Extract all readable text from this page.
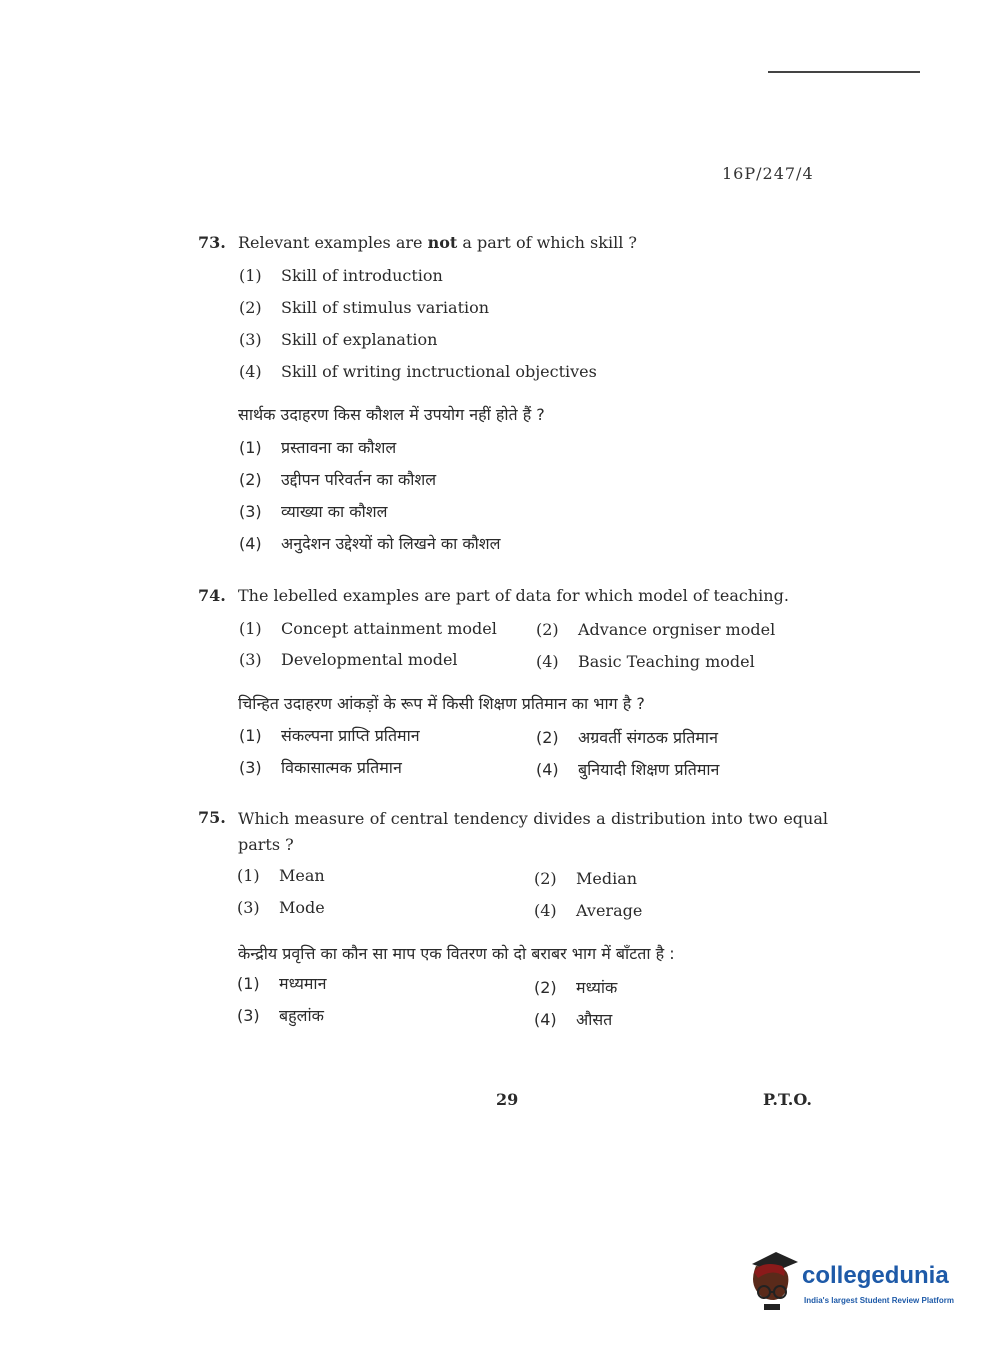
16P/247/4
73. Relevant examples are not a part of which skill ?
(1) Skill of introduction
(2) Skill of stimulus variation
(3) Skill of explanation
(4) Skill of writing inctructional objectives
सार्थक उदाहरण किस कौशल में उपयोग नहीं होते हैं ?
(1) प्रस्तावना का कौशल
(2) उद्दीपन परिवर्तन का कौशल
(3) व्याख्या का कौशल
(4) अनुदेशन उद्देश्यों को लिखने का कौशल
74. The lebelled examples are part of data for which model of teaching.
(1) Concept attainment model (2) Advance orgniser model
(3) Developmental model	(4) Basic Teaching model
चिन्हित उदाहरण आंकड़ों के रूप में किसी शिक्षण प्रतिमान का भाग है ?
(1) संकल्पना प्राप्ति प्रतिमान	(2) अग्रवर्ती संगठक प्रतिमान
(3) विकासात्मक प्रतिमान	(4) बुनियादी शिक्षण प्रतिमान
75. Which measure of central tendency divides a distribution into two equal parts ?
(1) Mean	(2) Median
(3) Mode	(4) Average
केन्द्रीय प्रवृत्ति का कौन सा माप एक वितरण को दो बराबर भाग में बाँटता है :
(1) मध्यमान	(2) मध्यांक
(3) बहुलांक	(4) औसत
29	P.T.O.
collegedunia
India's largest Student Review Platform
